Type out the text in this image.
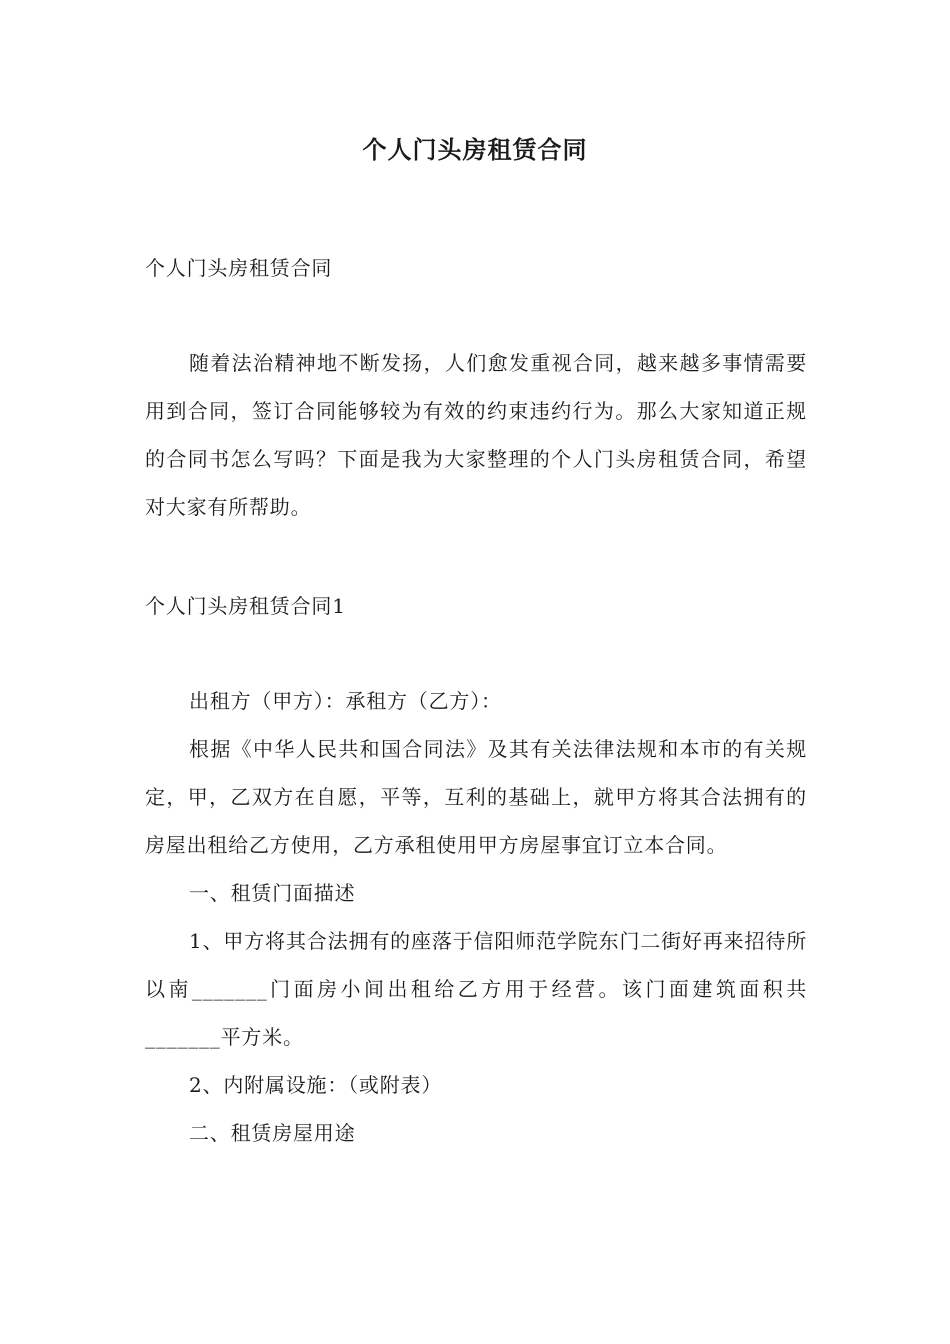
个人门头房租赁合同
个人门头房租赁合同

随着法治精神地不断发扬，人们愈发重视合同，越来越多事情需要用到合同，签订合同能够较为有效的约束违约行为。那么大家知道正规的合同书怎么写吗？下面是我为大家整理的个人门头房租赁合同，希望对大家有所帮助。

个人门头房租赁合同1

出租方（甲方）：承租方（乙方）：

根据《中华人民共和国合同法》及其有关法律法规和本市的有关规定，甲，乙双方在自愿，平等，互利的基础上，就甲方将其合法拥有的房屋出租给乙方使用，乙方承租使用甲方房屋事宜订立本合同。

一、租赁门面描述

1、甲方将其合法拥有的座落于信阳师范学院东门二街好再来招待所以南_______门面房小间出租给乙方用于经营。该门面建筑面积共_______平方米。

2、内附属设施：（或附表）

二、租赁房屋用途
